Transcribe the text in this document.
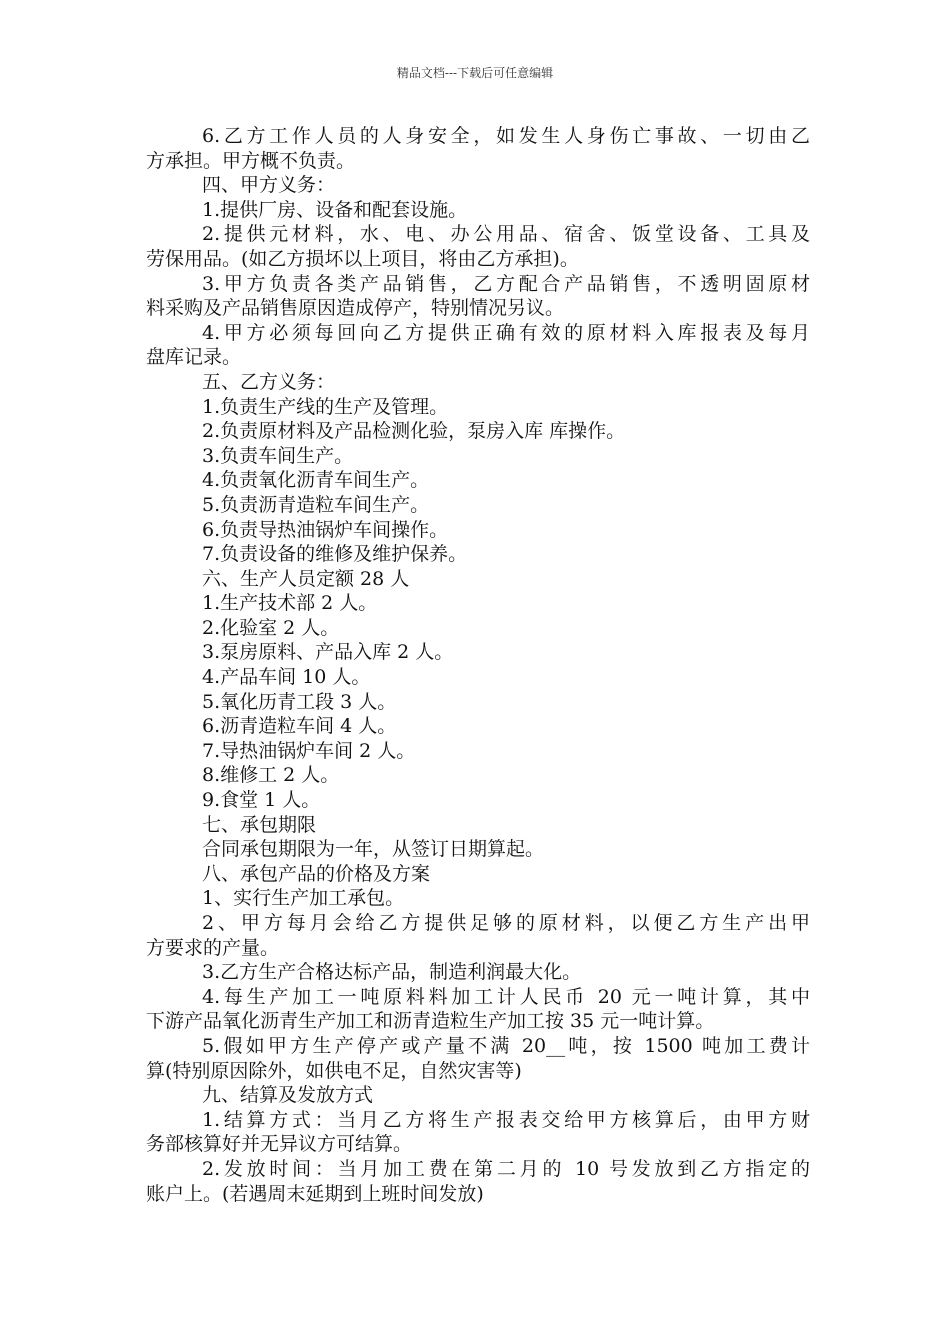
精品文档---下载后可任意编辑
6.乙方工作人员的人身安全，如发生人身伤亡事故、一切由乙
方承担。甲方概不负责。
四、甲方义务：
1.提供厂房、设备和配套设施。
2.提供元材料，水、电、办公用品、宿舍、饭堂设备、工具及
劳保用品。(如乙方损坏以上项目，将由乙方承担)。
3.甲方负责各类产品销售，乙方配合产品销售，不透明固原材
料采购及产品销售原因造成停产，特别情况另议。
4.甲方必须每回向乙方提供正确有效的原材料入库报表及每月
盘库记录。
五、乙方义务：
1.负责生产线的生产及管理。
2.负责原材料及产品检测化验，泵房入库 库操作。
3.负责车间生产。
4.负责氧化沥青车间生产。
5.负责沥青造粒车间生产。
6.负责导热油锅炉车间操作。
7.负责设备的维修及维护保养。
六、生产人员定额 28 人
1.生产技术部 2 人。
2.化验室 2 人。
3.泵房原料、产品入库 2 人。
4.产品车间 10 人。
5.氧化历青工段 3 人。
6.沥青造粒车间 4 人。
7.导热油锅炉车间 2 人。
8.维修工 2 人。
9.食堂 1 人。
七、承包期限
合同承包期限为一年，从签订日期算起。
八、承包产品的价格及方案
1、实行生产加工承包。
2、甲方每月会给乙方提供足够的原材料，以便乙方生产出甲
方要求的产量。
3.乙方生产合格达标产品，制造利润最大化。
4.每生产加工一吨原料料加工计人民币 20 元一吨计算，其中
下游产品氧化沥青生产加工和沥青造粒生产加工按 35 元一吨计算。
5.假如甲方生产停产或产量不满 20__吨，按 1500 吨加工费计
算(特别原因除外，如供电不足，自然灾害等)
九、结算及发放方式
1.结算方式：当月乙方将生产报表交给甲方核算后，由甲方财
务部核算好并无异议方可结算。
2.发放时间：当月加工费在第二月的 10 号发放到乙方指定的
账户上。(若遇周末延期到上班时间发放)
